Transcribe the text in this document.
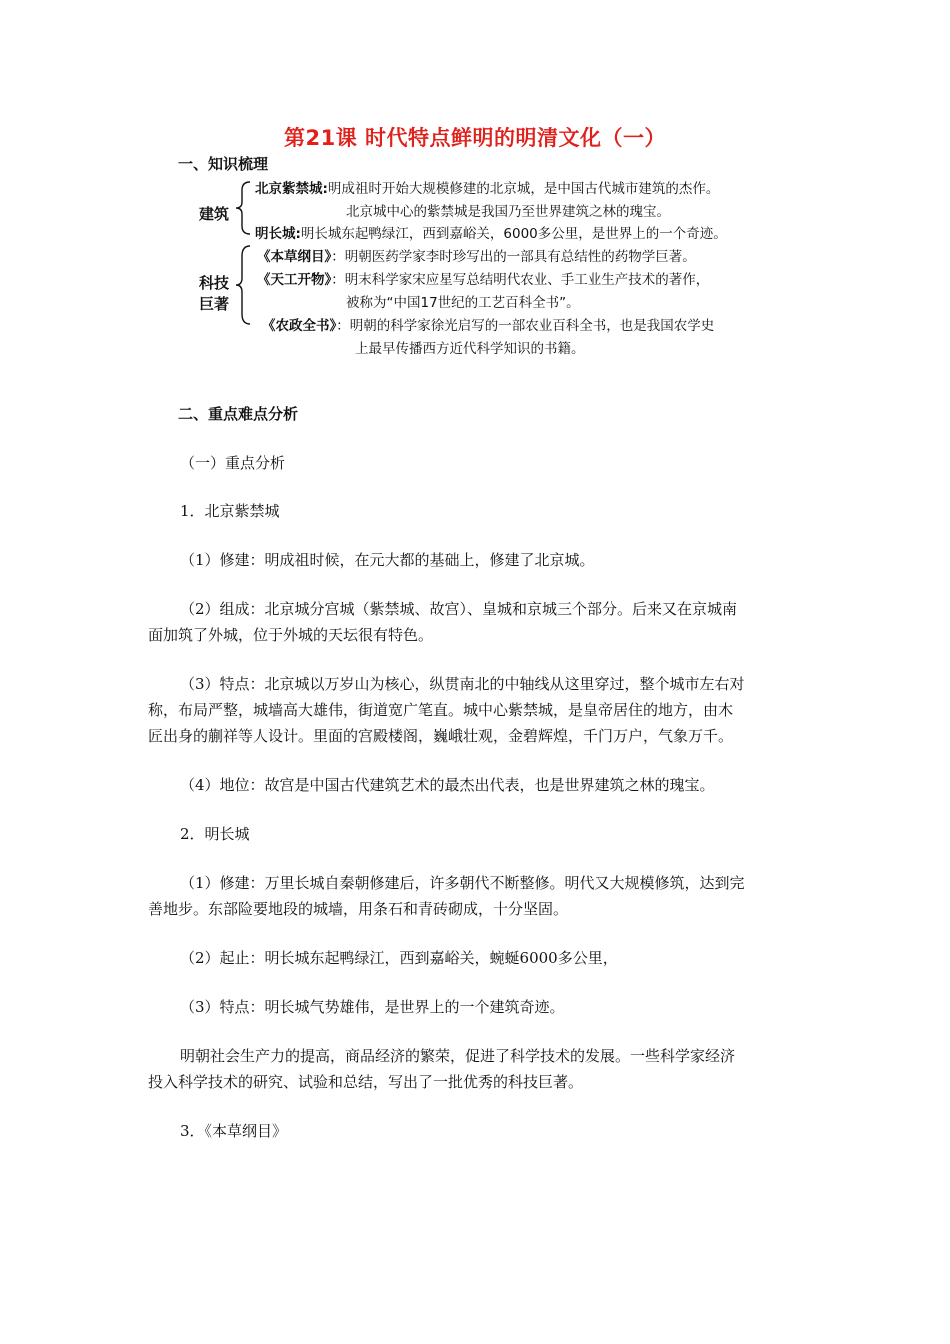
第21课 时代特点鲜明的明清文化（一）
一、知识梳理
建筑
北京紫禁城:明成祖时开始大规模修建的北京城，是中国古代城市建筑的杰作。
北京城中心的紫禁城是我国乃至世界建筑之林的瑰宝。
明长城:明长城东起鸭绿江，西到嘉峪关，6000多公里，是世界上的一个奇迹。
科技
巨著
《本草纲目》：明朝医药学家李时珍写出的一部具有总结性的药物学巨著。
《天工开物》：明末科学家宋应星写总结明代农业、手工业生产技术的著作，
被称为“中国17世纪的工艺百科全书”。
《农政全书》：明朝的科学家徐光启写的一部农业百科全书，也是我国农学史
上最早传播西方近代科学知识的书籍。
二、重点难点分析
（一）重点分析
1．北京紫禁城
（1）修建：明成祖时候，在元大都的基础上，修建了北京城。
（2）组成：北京城分宫城（紫禁城、故宫）、皇城和京城三个部分。后来又在京城南
面加筑了外城，位于外城的天坛很有特色。
（3）特点：北京城以万岁山为核心，纵贯南北的中轴线从这里穿过，整个城市左右对
称，布局严整，城墙高大雄伟，街道宽广笔直。城中心紫禁城，是皇帝居住的地方，由木
匠出身的蒯祥等人设计。里面的宫殿楼阁，巍峨壮观，金碧辉煌，千门万户，气象万千。
（4）地位：故宫是中国古代建筑艺术的最杰出代表，也是世界建筑之林的瑰宝。
2．明长城
（1）修建：万里长城自秦朝修建后，许多朝代不断整修。明代又大规模修筑，达到完
善地步。东部险要地段的城墙，用条石和青砖砌成，十分坚固。
（2）起止：明长城东起鸭绿江，西到嘉峪关，蜿蜒6000多公里，
（3）特点：明长城气势雄伟，是世界上的一个建筑奇迹。
明朝社会生产力的提高，商品经济的繁荣，促进了科学技术的发展。一些科学家经济
投入科学技术的研究、试验和总结，写出了一批优秀的科技巨著。
3．《本草纲目》
